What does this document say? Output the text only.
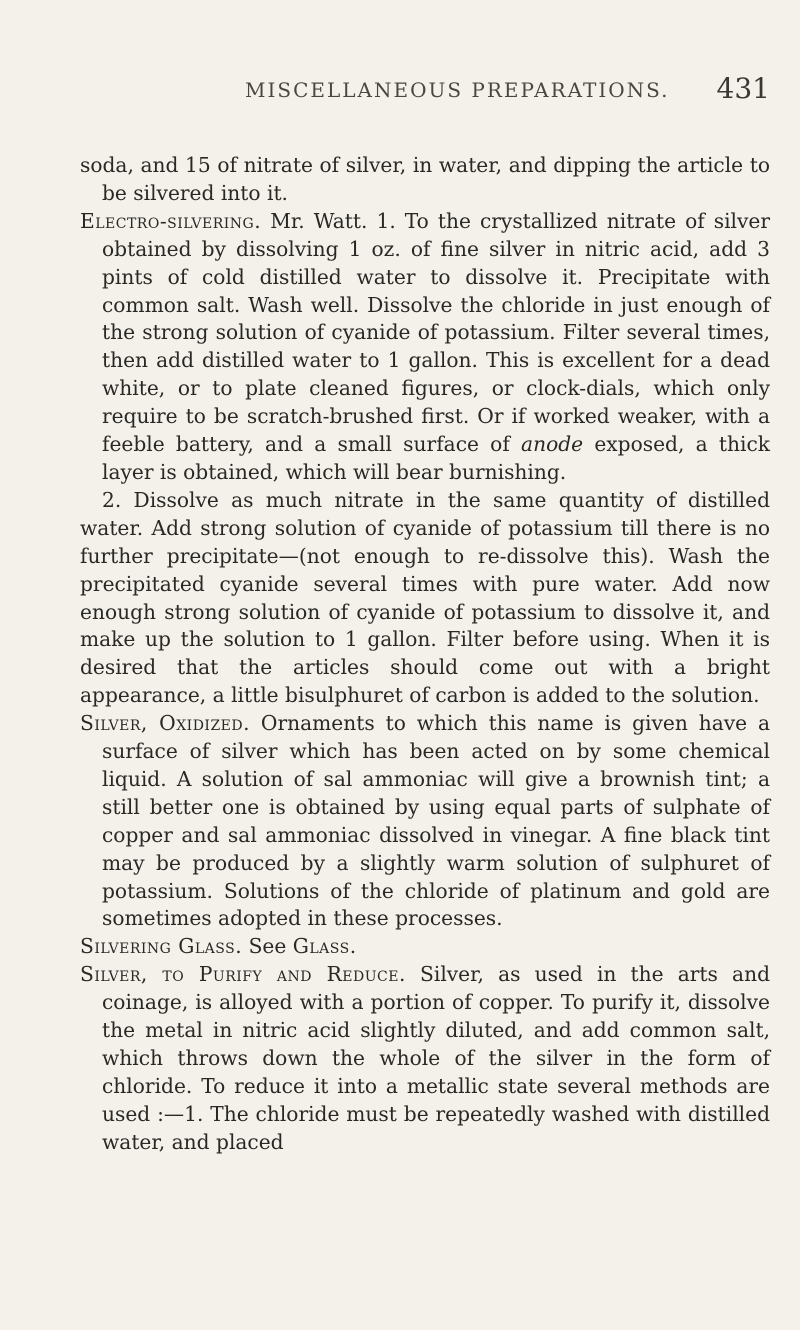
MISCELLANEOUS PREPARATIONS. 431

soda, and 15 of nitrate of silver, in water, and dipping the article to be silvered into it.

Electro-silvering. Mr. Watt. 1. To the crystallized nitrate of silver obtained by dissolving 1 oz. of fine silver in nitric acid, add 3 pints of cold distilled water to dissolve it. Precipitate with common salt. Wash well. Dissolve the chloride in just enough of the strong solution of cyanide of potassium. Filter several times, then add distilled water to 1 gallon. This is excellent for a dead white, or to plate cleaned figures, or clock-dials, which only require to be scratch-brushed first. Or if worked weaker, with a feeble battery, and a small surface of anode exposed, a thick layer is obtained, which will bear burnishing.

2. Dissolve as much nitrate in the same quantity of distilled water. Add strong solution of cyanide of potassium till there is no further precipitate—(not enough to re-dissolve this). Wash the precipitated cyanide several times with pure water. Add now enough strong solution of cyanide of potassium to dissolve it, and make up the solution to 1 gallon. Filter before using. When it is desired that the articles should come out with a bright appearance, a little bisulphuret of carbon is added to the solution.

Silver, Oxidized. Ornaments to which this name is given have a surface of silver which has been acted on by some chemical liquid. A solution of sal ammoniac will give a brownish tint; a still better one is obtained by using equal parts of sulphate of copper and sal ammoniac dissolved in vinegar. A fine black tint may be produced by a slightly warm solution of sulphuret of potassium. Solutions of the chloride of platinum and gold are sometimes adopted in these processes.

Silvering Glass. See Glass.

Silver, to Purify and Reduce. Silver, as used in the arts and coinage, is alloyed with a portion of copper. To purify it, dissolve the metal in nitric acid slightly diluted, and add common salt, which throws down the whole of the silver in the form of chloride. To reduce it into a metallic state several methods are used :—1. The chloride must be repeatedly washed with distilled water, and placed
